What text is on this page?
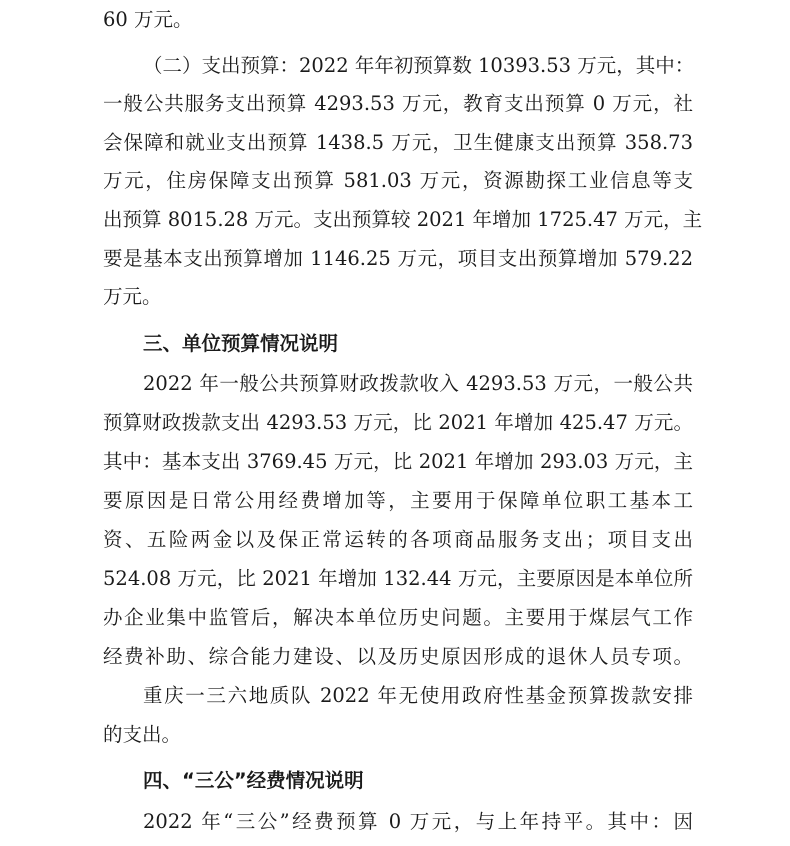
60 万元。
（二）支出预算：2022 年年初预算数 10393.53 万元，其中：
一般公共服务支出预算 4293.53 万元，教育支出预算 0 万元，社
会保障和就业支出预算 1438.5 万元，卫生健康支出预算 358.73
万元，住房保障支出预算 581.03 万元，资源勘探工业信息等支
出预算 8015.28 万元。支出预算较 2021 年增加 1725.47 万元，主
要是基本支出预算增加 1146.25 万元，项目支出预算增加 579.22
万元。
三、单位预算情况说明
2022 年一般公共预算财政拨款收入 4293.53 万元，一般公共
预算财政拨款支出 4293.53 万元，比 2021 年增加 425.47 万元。
其中：基本支出 3769.45 万元，比 2021 年增加 293.03 万元，主
要原因是日常公用经费增加等，主要用于保障单位职工基本工
资、五险两金以及保正常运转的各项商品服务支出；项目支出
524.08 万元，比 2021 年增加 132.44 万元，主要原因是本单位所
办企业集中监管后，解决本单位历史问题。主要用于煤层气工作
经费补助、综合能力建设、以及历史原因形成的退休人员专项。
重庆一三六地质队 2022 年无使用政府性基金预算拨款安排
的支出。
四、“三公”经费情况说明
2022 年“三公”经费预算 0 万元，与上年持平。其中：因
